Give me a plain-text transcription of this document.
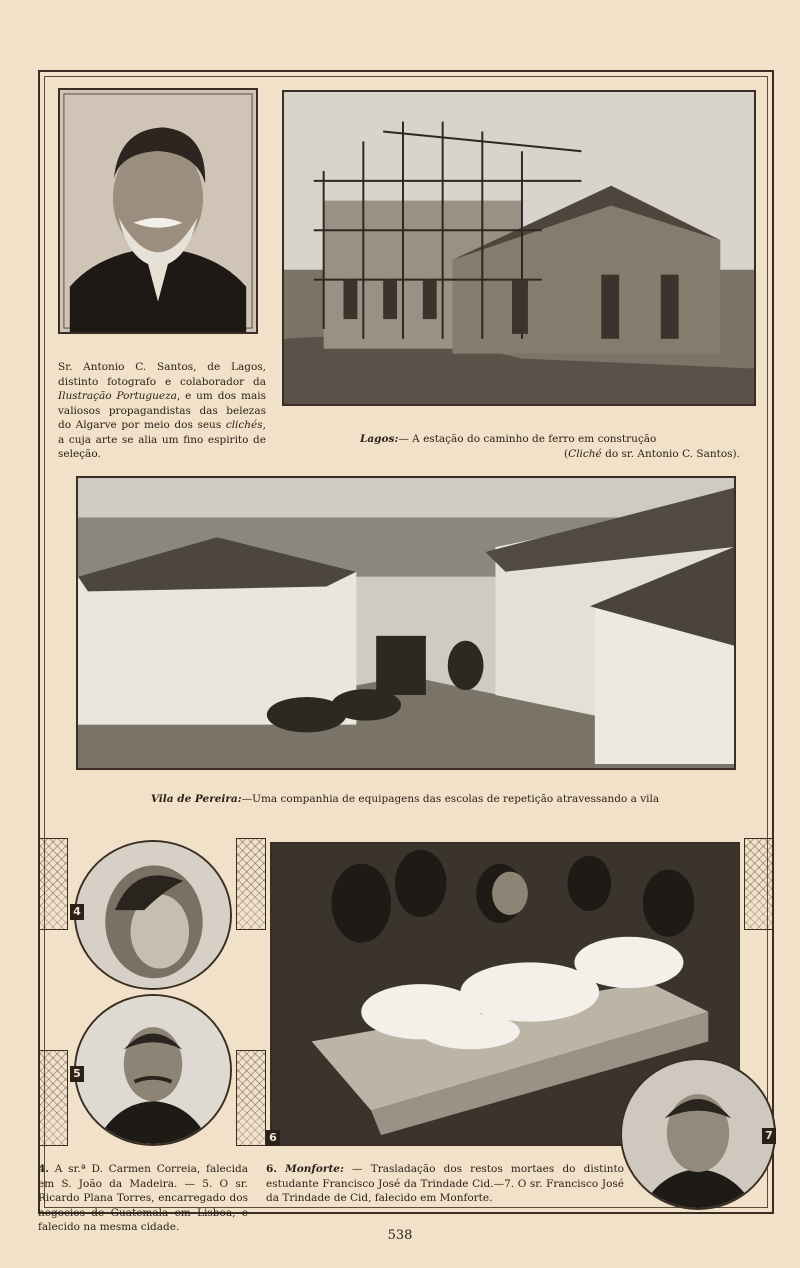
4
5
6	7
Sr. Antonio C. Santos, de Lagos, distinto fotografo e colaborador da Ilustração Portugueza, e um dos mais valiosos propagandistas das belezas do Algarve por meio dos seus clichés, a cuja arte se alia um fino espirito de seleção.
Lagos:— A estação do caminho de ferro em construção
(Cliché do sr. Antonio C. Santos).
Vila de Pereira:—Uma companhia de equipagens das escolas de repetição atravessando a vila
4. A sr.ª D. Carmen Correia, falecida em S. João da Madeira. — 5. O sr. Ricardo Plana Torres, encarregado dos negocios de Guatemala em Lisboa, e falecido na mesma cidade.
6. Monforte: — Trasladação dos restos mortaes do distinto estudante Francisco José da Trindade Cid.—7. O sr. Francisco José da Trindade de Cid, falecido em Monforte.
538
